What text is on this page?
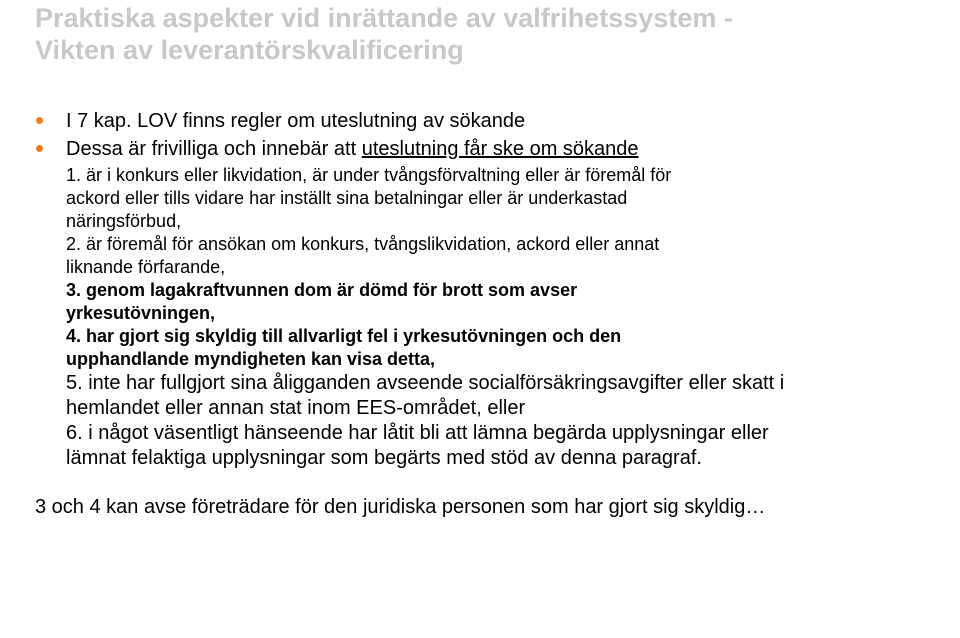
Praktiska aspekter vid inrättande av valfrihetssystem -
Vikten av leverantörskvalificering
I 7 kap. LOV finns regler om uteslutning av sökande
Dessa är frivilliga och innebär att uteslutning får ske om sökande
1. är i konkurs eller likvidation, är under tvångsförvaltning eller är föremål för
ackord eller tills vidare har inställt sina betalningar eller är underkastad
näringsförbud,
2. är föremål för ansökan om konkurs, tvångslikvidation, ackord eller annat
liknande förfarande,
3. genom lagakraftvunnen dom är dömd för brott som avser
yrkesutövningen,
4. har gjort sig skyldig till allvarligt fel i yrkesutövningen och den
upphandlande myndigheten kan visa detta,
5. inte har fullgjort sina åligganden avseende socialförsäkringsavgifter eller skatt i
hemlandet eller annan stat inom EES-området, eller
6. i något väsentligt hänseende har låtit bli att lämna begärda upplysningar eller
lämnat felaktiga upplysningar som begärts med stöd av denna paragraf.
3 och 4 kan avse företrädare för den juridiska personen som har gjort sig skyldig…
